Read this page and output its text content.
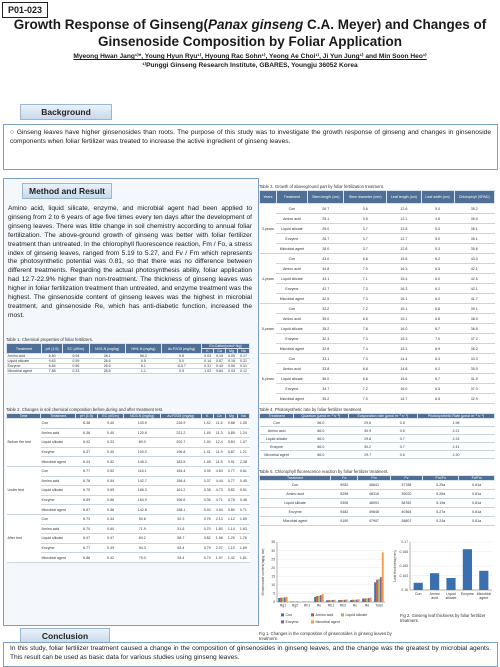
P01-023
Growth Response of Ginseng(Panax ginseng C.A. Meyer) and Changes of
Ginsenoside Composition by Foliar Application
Myeong Hwan Jang¹⁾*, Young Hyun Ryu¹⁾, Hyoung Rac Sohn¹⁾, Yeong Ae Choi¹⁾, Ji Yun Jung¹⁾ and Min Soon Heo¹⁾
¹⁾Punggi Ginseng Research Institute, GBARES, Youngju 36052 Korea
Background

○ Ginseng leaves have higher ginsenosides than roots. The purpose of this study was to investigate the growth response of ginseng and changes in ginsenoside components when foliar fertilizer was treated to increase the active ingredient of ginseng leaves.

Method and Result
Amino acid, liquid silicate, enzyme, and microbial agent had been applied to ginseng from 2 to 6 years of age five times every ten days after the development of ginseng leaves. There was little change in soil chemistry according to annual foliar fertilization. The above-ground growth of ginseng was better with foliar fertilizer treatment than untreated. In the chlorophyll fluorescence reaction, Fm / Fo, a stress index of ginseng leaves, ranged from 5.19 to 5.27, and Fv / Fm which represents the photosynthetic potential was 0.81, so that there was no difference between different treatments. Regarding the actual photosynthesis ability, foliar application had 12.7-22.9% higher than non-treatment. The thickness of ginseng leaves was higher in foliar fertilization treatment than untreated, and enzyme treatment was the highest. The ginsenoside content of ginseng leaves was the highest in microbial treatment, and ginsenoside Re, which has anti-diabetic function, increased the most.
Table 1. Chemical properties of foliar fertilizers.
Treatment	pH (1:5)	EC (dS/m)	NO3-N (mg/kg)	NH4-N (mg/kg)	Av.P2O5 (mg/kg)	Ex.Cation(cmol⁺/kg)			
						K	Ca	Mg	Na
Amino acid	6.80	0.94	28.1	56.3	9.8	0.03	0.15	0.05	0.17
Liquid silicate	9.63	0.59	28.6	0.5	5.0	0.14	0.87	0.16	0.31
Enzyme	6.84	0.55	26.6	6.1	113.7	0.31	5.43	0.06	0.31
Microbial agent	7.88	0.33	28.6	1.1	0.9	1.02	9.84	0.03	0.12
Table 2. Changes in soil chemical composition before,during and after treatment test.
Time	Treatment	pH (1:5)	EC (dS/m)	NO3-N (mg/kg)	Av.P2O5 (mg/kg)	K	Ca	Mg	Na
Before the test	Con	6.38	0.40	103.9	226.9	1.42	11.6	0.88	1.05
	Amino acid	6.36	0.40	120.6	221.2	1.45	11.3	0.85	1.24
	Liquid silicate	6.42	0.33	80.0	202.7	1.40	12.4	0.84	1.07
	Enzyme	6.37	0.40	100.0	196.8	1.41	11.9	0.87	1.21
	Microbial agent	6.44	0.52	148.3	183.5	1.48	11.5	0.91	2.38
Under test	Con	6.77	0.52	116.1	164.4	0.39	4.63	0.77	0.61
	Amino acid	6.78	0.54	142.7	158.4	0.37	4.44	0.77	0.45
	Liquid silicate	6.70	0.65	166.3	161.2	0.38	4.73	0.82	0.51
	Enzyme	6.69	0.66	164.9	156.6	0.36	4.71	0.78	0.48
	Microbial agent	6.67	0.58	142.8	158.1	0.40	4.94	0.80	0.71
After test	Con	6.73	0.34	50.6	52.3	0.76	2.13	1.12	1.69
	Amino acid	6.70	0.60	71.9	51.6	0.70	1.80	1.14	1.63
	Liquid silicate	6.47	0.47	84.2	58.7	0.82	1.96	1.29	1.76
	Enzyme	6.77	0.49	94.3	63.4	0.79	2.07	1.10	1.69
	Microbial agent	6.88	0.42	79.0	54.4	0.74	1.97	1.42	1.81
Table 3. Growth of aboveground part by foliar fertilization treatment.
Years	Treatment	Stem length (cm)	Stem diameter (mm)	Leaf length (cm)	Leaf width (cm)	Chlorophyll (SPAD)
3-years	Con	26.7	3.6	12.6	5.0	35.2
	Amino acid	25.1	3.5	12.1	4.8	35.0
	Liquid silicate	26.0	3.7	12.8	5.3	36.1
	Enzyme	26.7	3.7	12.7	5.0	35.1
	Microbial agent	28.0	3.7	12.8	5.3	35.6
4-years	Con	43.0	6.8	15.8	6.2	43.0
	Amino acid	44.8	7.0	16.3	6.5	42.1
	Liquid silicate	43.1	7.1	15.4	6.0	42.5
	Enzyme	42.7	7.3	16.3	6.2	42.1
	Microbial agent	42.5	7.3	16.1	6.0	41.7
5-years	Con	32.2	7.2	15.1	6.8	39.1
	Amino acid	35.0	6.5	15.1	6.8	38.9
	Liquid silicate	35.2	7.8	16.0	6.7	36.8
	Enzyme	32.3	7.3	15.3	7.0	37.2
	Microbial agent	32.8	7.4	15.3	6.9	36.2
6-years	Con	33.1	7.3	14.4	6.3	33.3
	Amino acid	33.8	6.8	14.8	6.2	35.0
	Liquid silicate	36.0	6.8	15.6	6.7	31.5
	Enzyme	34.7	7.2	15.0	6.5	37.3
	Microbial agent	35.2	7.0	14.7	6.5	32.9
Table 4. Photosynthetic rate by foliar fertilizer treatment.
Treatment	Quantum (μmol m⁻² s⁻¹)	Evaporation rate (μmol m⁻² s⁻¹)		Photosynthetic Rate (μmol m⁻² s⁻¹)
Con	86.0	29.6	0.5	1.96
Amino acid	86.0	30.9	0.5	2.21
Liquid silicate	86.0	29.8	0.7	2.24
Enzyme	86.0	30.2	0.7	2.41
Microbial agent	86.0	29.7	0.6	2.30
Table 5. Chlorophyll fluorescence reaction by foliar fertilizer treatment.
Treatment	Fo	Fm	Fv	Fm/Fo	Fv/Fm
Con	9052	46841	37788	5.25a	0.81a
Amino acid	9298	48318	39020	5.26a	0.81a
Liquid silicate	9308	48091	38782	5.19a	0.81a
Enzyme	9482	49846	40364	5.27a	0.81a
Microbial agent	9190	47997	38807	5.24a	0.81a
0
5
10
15
20
25
30
35
Rg1 Rg2 Rh1 Re Rb1 Rb2 Rc Rd Total
Ginsenoside content(mg/g, dw)
Con	Amino acid	Liquid silicate
Enzyme	Microbial agent
Fig 1. Changes in the composition of ginsenosides in ginseng leaves by treatment.
0.16
0.163
0.165
0.168
0.17
Con Amino
acid
Liquid
silicate
Enzyme Microbial
agent
Leaf thickness(mm)
Fig 2. Ginseng leaf thickness by foliar fertilizer treatment.
Conclusion

In this study, foliar fertilizer treatment caused a change in the composition of ginsenosides in ginseng leaves, and the change was the greatest by microbial agents. This result can be used as basic data for various studies using ginseng leaves.
